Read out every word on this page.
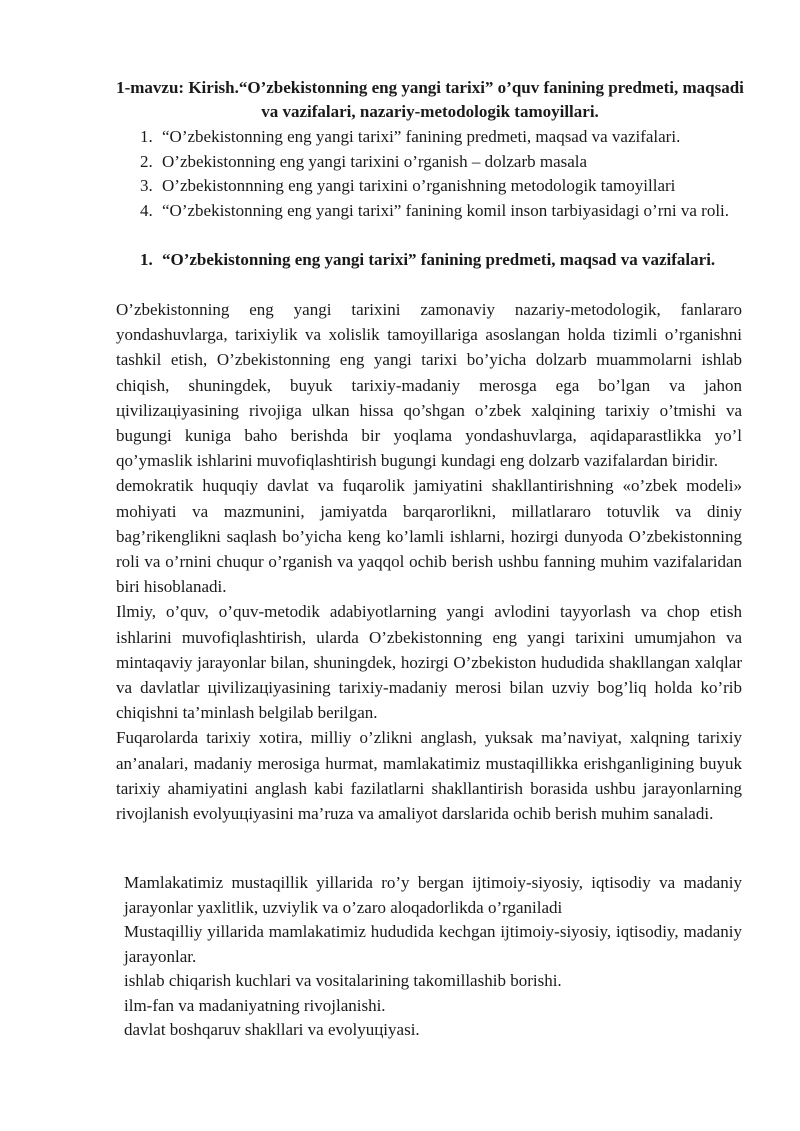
1-mavzu: Kirish.“O’zbekistonning eng yangi tarixi” o’quv fanining predmeti, maqsadi va vazifalari, nazariy-metodologik tamoyillari.
1. “O’zbekistonning eng yangi tarixi” fanining predmeti, maqsad va vazifalari.
2. O’zbekistonning eng yangi tarixini o’rganish – dolzarb masala
3. O’zbekistonnning eng yangi tarixini o’rganishning metodologik tamoyillari
4. “O’zbekistonning eng yangi tarixi” fanining komil inson tarbiyasidagi o’rni va roli.
1. “O’zbekistonning eng yangi tarixi” fanining predmeti, maqsad va vazifalari.

O’zbekistonning eng yangi tarixini zamonaviy nazariy-metodologik, fanlararo yondashuvlarga, tarixiylik va xolislik tamoyillariga asoslangan holda tizimli o’rganishni tashkil etish, O’zbekistonning eng yangi tarixi bo’yicha dolzarb muammolarni ishlab chiqish, shuningdek, buyuk tarixiy-madaniy merosga ega bo’lgan va jahon цivilizaцiyasining rivojiga ulkan hissa qo’shgan o’zbek xalqining tarixiy o’tmishi va bugungi kuniga baho berishda bir yoqlama yondashuvlarga, aqidaparastlikka yo’l qo’ymaslik ishlarini muvofiqlashtirish bugungi kundagi eng dolzarb vazifalardan biridir.

demokratik huquqiy davlat va fuqarolik jamiyatini shakllantirishning «o’zbek modeli» mohiyati va mazmunini, jamiyatda barqarorlikni, millatlararo totuvlik va diniy bag’rikenglikni saqlash bo’yicha keng ko’lamli ishlarni, hozirgi dunyoda O’zbekistonning roli va o’rnini chuqur o’rganish va yaqqol ochib berish ushbu fanning muhim vazifalaridan biri hisoblanadi.

Ilmiy, o’quv, o’quv-metodik adabiyotlarning yangi avlodini tayyorlash va chop etish ishlarini muvofiqlashtirish, ularda O’zbekistonning eng yangi tarixini umumjahon va mintaqaviy jarayonlar bilan, shuningdek, hozirgi O’zbekiston hududida shakllangan xalqlar va davlatlar цivilizaцiyasining tarixiy-madaniy merosi bilan uzviy bog’liq holda ko’rib chiqishni ta’minlash belgilab berilgan.

Fuqarolarda tarixiy xotira, milliy o’zlikni anglash, yuksak ma’naviyat, xalqning tarixiy an’analari, madaniy merosiga hurmat, mamlakatimiz mustaqillikka erishganligining buyuk tarixiy ahamiyatini anglash kabi fazilatlarni shakllantirish borasida ushbu jarayonlarning rivojlanish evolyuцiyasini ma’ruza va amaliyot darslarida ochib berish muhim sanaladi.

Mamlakatimiz mustaqillik yillarida ro’y bergan ijtimoiy-siyosiy, iqtisodiy va madaniy jarayonlar yaxlitlik, uzviylik va o’zaro aloqadorlikda o’rganiladi

Mustaqilliy yillarida mamlakatimiz hududida kechgan ijtimoiy-siyosiy, iqtisodiy, madaniy jarayonlar.

ishlab chiqarish kuchlari va vositalarining takomillashib borishi.

ilm-fan va madaniyatning rivojlanishi.

davlat boshqaruv shakllari va evolyuцiyasi.
